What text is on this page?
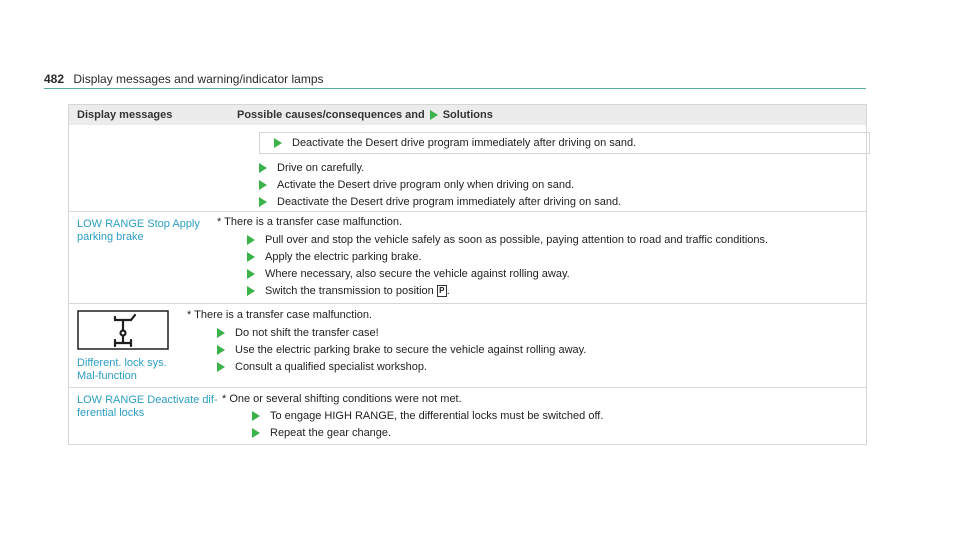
482 Display messages and warning/indicator lamps
Display messages	Possible causes/consequences and Solutions
Deactivate the Desert drive program immediately after driving on sand.
Drive on carefully.
Activate the Desert drive program only when driving on sand.
Deactivate the Desert drive program immediately after driving on sand.
LOW RANGE Stop Apply parking brake
* There is a transfer case malfunction.
Pull over and stop the vehicle safely as soon as possible, paying attention to road and traffic conditions.
Apply the electric parking brake.
Where necessary, also secure the vehicle against rolling away.
Switch the transmission to position P .
Different. lock sys. Mal-function
* There is a transfer case malfunction.
Do not shift the transfer case!
Use the electric parking brake to secure the vehicle against rolling away.
Consult a qualified specialist workshop.
LOW RANGE Deactivate dif-ferential locks
* One or several shifting conditions were not met.
To engage HIGH RANGE, the differential locks must be switched off.
Repeat the gear change.
